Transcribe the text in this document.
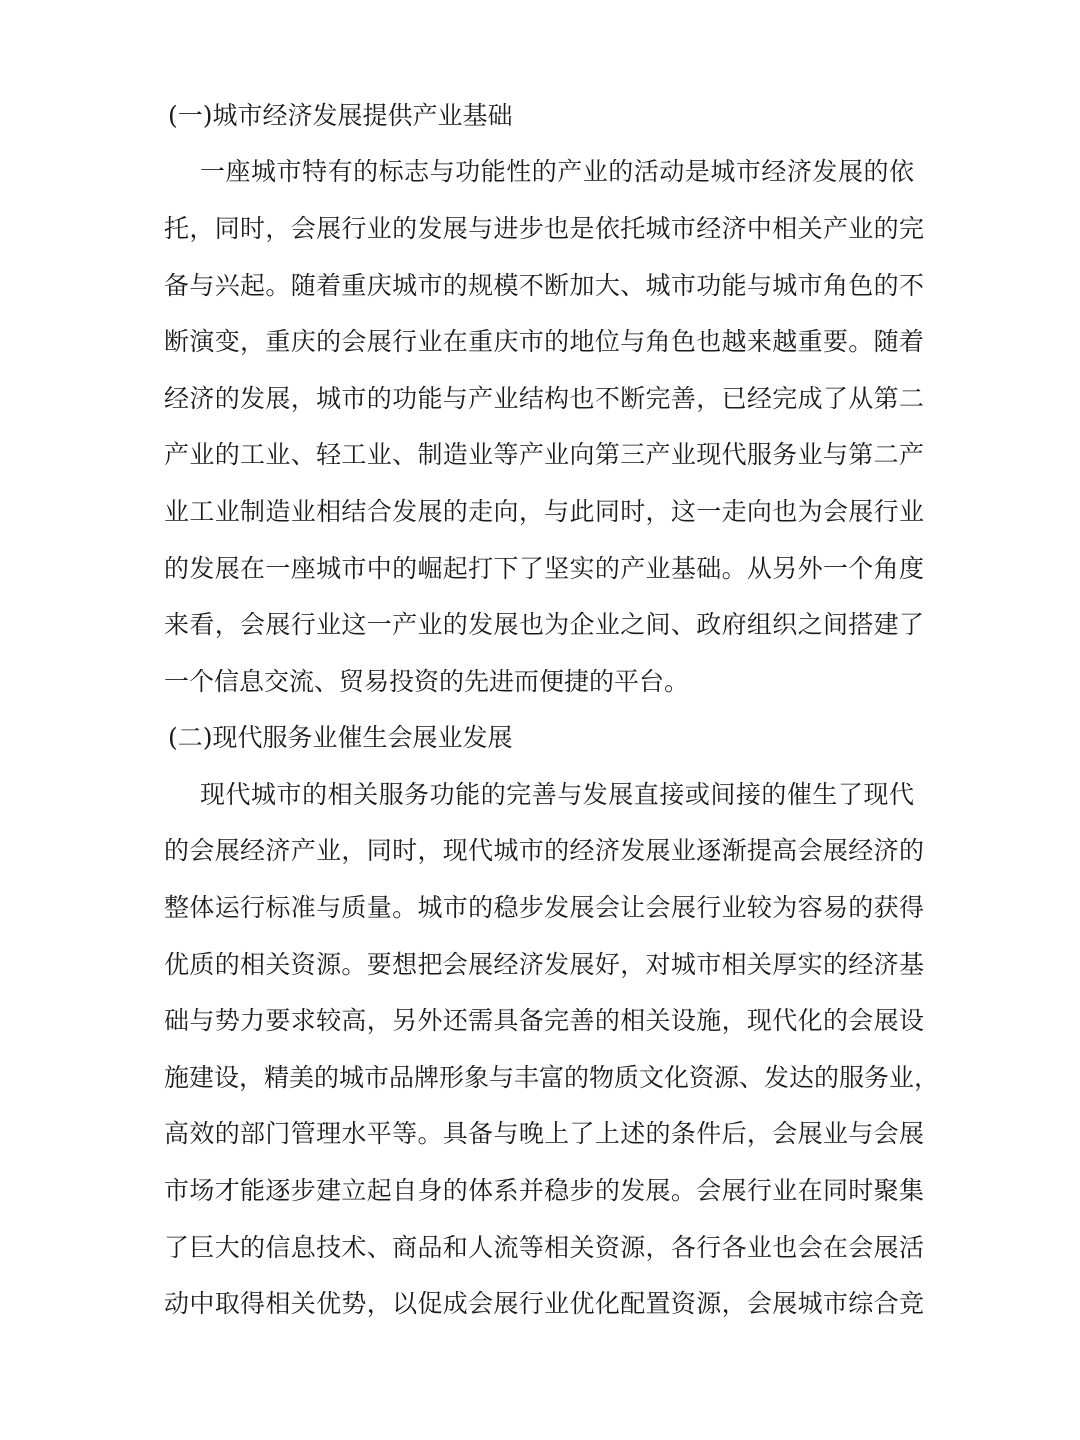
(一)城市经济发展提供产业基础

一座城市特有的标志与功能性的产业的活动是城市经济发展的依

托，同时，会展行业的发展与进步也是依托城市经济中相关产业的完

备与兴起。随着重庆城市的规模不断加大、城市功能与城市角色的不

断演变，重庆的会展行业在重庆市的地位与角色也越来越重要。随着

经济的发展，城市的功能与产业结构也不断完善，已经完成了从第二

产业的工业、轻工业、制造业等产业向第三产业现代服务业与第二产

业工业制造业相结合发展的走向，与此同时，这一走向也为会展行业

的发展在一座城市中的崛起打下了坚实的产业基础。从另外一个角度

来看，会展行业这一产业的发展也为企业之间、政府组织之间搭建了

一个信息交流、贸易投资的先进而便捷的平台。

(二)现代服务业催生会展业发展

现代城市的相关服务功能的完善与发展直接或间接的催生了现代

的会展经济产业，同时，现代城市的经济发展业逐渐提高会展经济的

整体运行标准与质量。城市的稳步发展会让会展行业较为容易的获得

优质的相关资源。要想把会展经济发展好，对城市相关厚实的经济基

础与势力要求较高，另外还需具备完善的相关设施，现代化的会展设

施建设，精美的城市品牌形象与丰富的物质文化资源、发达的服务业，

高效的部门管理水平等。具备与晚上了上述的条件后，会展业与会展

市场才能逐步建立起自身的体系并稳步的发展。会展行业在同时聚集

了巨大的信息技术、商品和人流等相关资源，各行各业也会在会展活

动中取得相关优势，以促成会展行业优化配置资源，会展城市综合竞
